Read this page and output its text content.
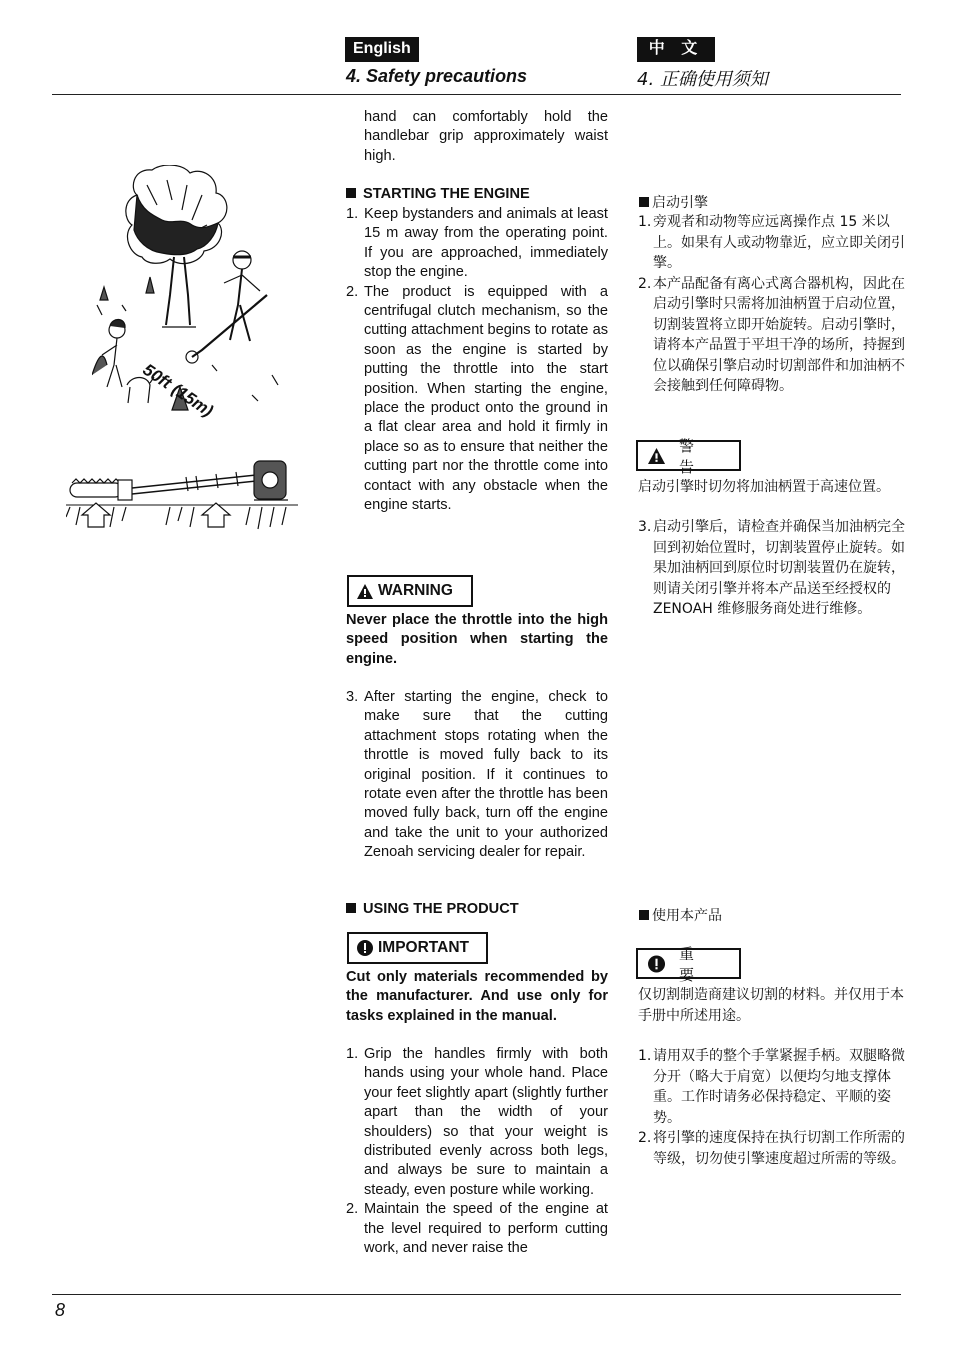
English	中 文
4. Safety precautions	4. 正确使用须知
50ft (15m)
hand can comfortably hold the handlebar grip approximately waist high.
STARTING THE ENGINE
1. Keep bystanders and animals at least 15 m away from the operating point. If you are approached, immediately stop the engine.

2. The product is equipped with a centrifugal clutch mechanism, so the cutting attachment begins to rotate as soon as the engine is started by putting the throttle into the start position. When starting the engine, place the product onto the ground in a flat clear area and hold it firmly in place so as to ensure that neither the cutting part nor the throttle come into contact with any obstacle when the engine starts.

WARNING
Never place the throttle into the high speed position when starting the engine.
3. After starting the engine, check to make sure that the cutting attachment stops rotating when the throttle is moved fully back to its original position. If it continues to rotate even after the throttle has been moved fully back, turn off the engine and take the unit to your authorized Zenoah servicing dealer for repair.

USING THE PRODUCT
IMPORTANT
Cut only materials recommended by the manufacturer. And use only for tasks explained in the manual.
1. Grip the handles firmly with both hands using your whole hand. Place your feet slightly apart (slightly further apart than the width of your shoulders) so that your weight is distributed evenly across both legs, and always be sure to maintain a steady, even posture while working.

2. Maintain the speed of the engine at the level required to perform cutting work, and never raise the

启动引擎
1. 旁观者和动物等应远离操作点 15 米以上。如果有人或动物靠近，应立即关闭引擎。
2. 本产品配备有离心式离合器机构，因此在启动引擎时只需将加油柄置于启动位置，切割装置将立即开始旋转。启动引擎时，请将本产品置于平坦干净的场所，持握到位以确保引擎启动时切割部件和加油柄不会接触到任何障碍物。
警 告
启动引擎时切勿将加油柄置于高速位置。
3. 启动引擎后，请检查并确保当加油柄完全回到初始位置时，切割装置停止旋转。如果加油柄回到原位时切割装置仍在旋转，则请关闭引擎并将本产品送至经授权的 ZENOAH 维修服务商处进行维修。
使用本产品
重 要
仅切割制造商建议切割的材料。并仅用于本手册中所述用途。
1. 请用双手的整个手掌紧握手柄。双腿略微分开（略大于肩宽）以便均匀地支撑体重。工作时请务必保持稳定、平顺的姿势。
2. 将引擎的速度保持在执行切割工作所需的等级，切勿使引擎速度超过所需的等级。
8
